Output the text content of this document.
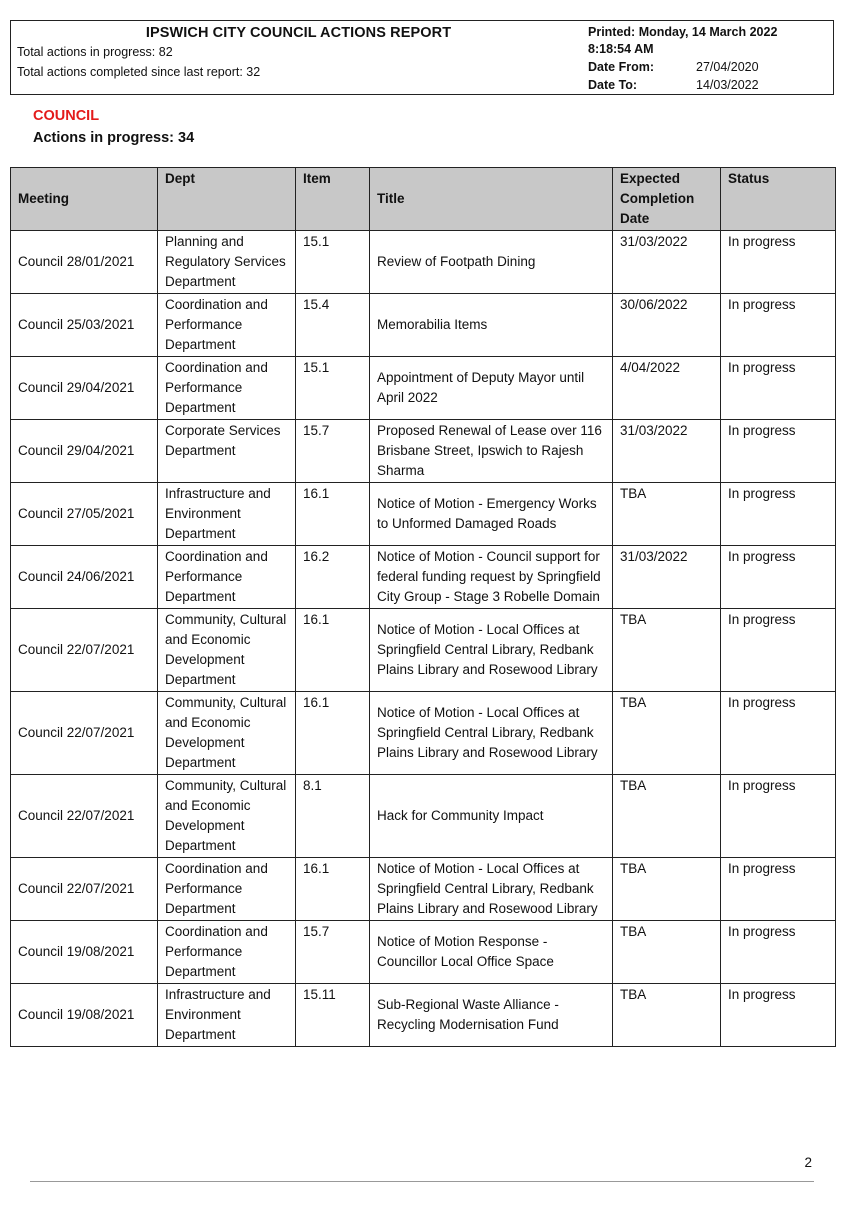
IPSWICH CITY COUNCIL ACTIONS REPORT
Total actions in progress: 82
Total actions completed since last report: 32
Printed: Monday, 14 March 2022
8:18:54 AM
Date From:	27/04/2020
Date To:	14/03/2022
COUNCIL
Actions in progress: 34
Meeting	Dept	Item	Title	Expected Completion Date	Status
Council 28/01/2021	Planning and Regulatory Services Department	15.1	Review of Footpath Dining	31/03/2022	In progress
Council 25/03/2021	Coordination and Performance Department	15.4	Memorabilia Items	30/06/2022	In progress
Council 29/04/2021	Coordination and Performance Department	15.1	Appointment of Deputy Mayor until April 2022	4/04/2022	In progress
Council 29/04/2021	Corporate Services Department	15.7	Proposed Renewal of Lease over 116 Brisbane Street, Ipswich to Rajesh Sharma	31/03/2022	In progress
Council 27/05/2021	Infrastructure and Environment Department	16.1	Notice of Motion - Emergency Works to Unformed Damaged Roads	TBA	In progress
Council 24/06/2021	Coordination and Performance Department	16.2	Notice of Motion - Council support for federal funding request by Springfield City Group - Stage 3 Robelle Domain	31/03/2022	In progress
Council 22/07/2021	Community, Cultural and Economic Development Department	16.1	Notice of Motion - Local Offices at Springfield Central Library, Redbank Plains Library and Rosewood Library	TBA	In progress
Council 22/07/2021	Community, Cultural and Economic Development Department	16.1	Notice of Motion - Local Offices at Springfield Central Library, Redbank Plains Library and Rosewood Library	TBA	In progress
Council 22/07/2021	Community, Cultural and Economic Development Department	8.1	Hack for Community Impact	TBA	In progress
Council 22/07/2021	Coordination and Performance Department	16.1	Notice of Motion - Local Offices at Springfield Central Library, Redbank Plains Library and Rosewood Library	TBA	In progress
Council 19/08/2021	Coordination and Performance Department	15.7	Notice of Motion Response - Councillor Local Office Space	TBA	In progress
Council 19/08/2021	Infrastructure and Environment Department	15.11	Sub-Regional Waste Alliance - Recycling Modernisation Fund	TBA	In progress
2
